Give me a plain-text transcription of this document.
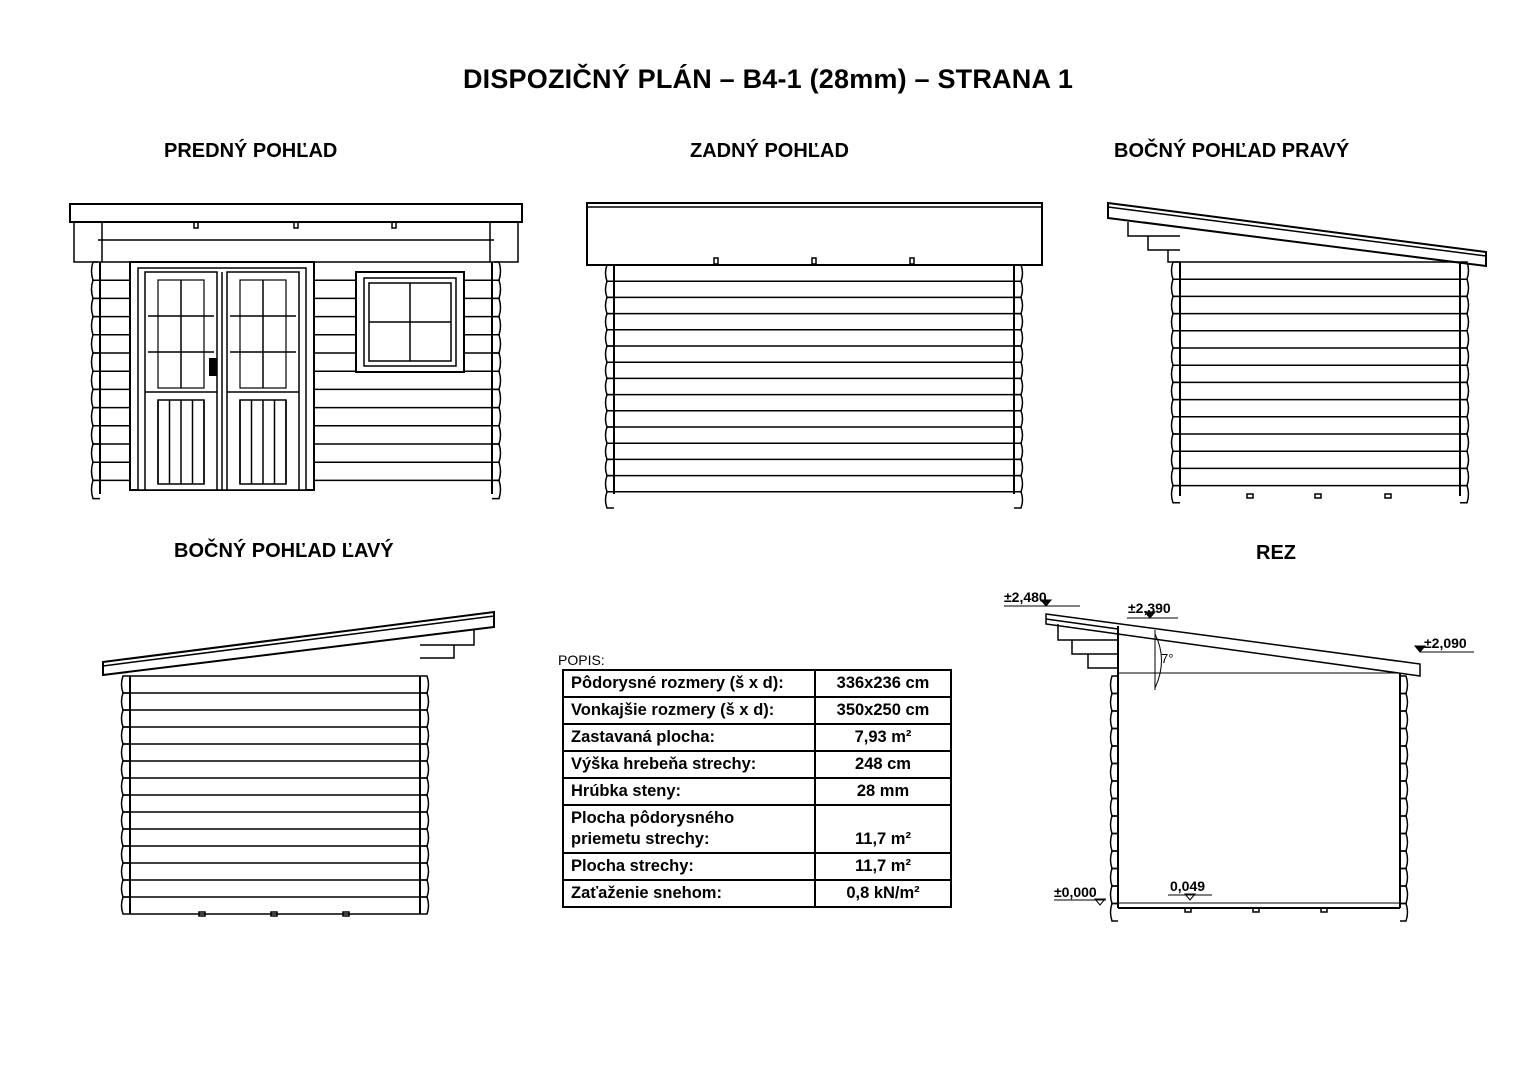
DISPOZIČNÝ PLÁN – B4-1 (28mm) – STRANA 1
PREDNÝ POHĽAD	ZADNÝ POHĽAD	BOČNÝ POHĽAD PRAVÝ
BOČNÝ POHĽAD ĽAVÝ	REZ
±2,480
±2,390
±2,090
±0,000	0,049
7°
POPIS:
Pôdorysné rozmery (š x d):	336x236 cm
Vonkajšie rozmery (š x d):	350x250 cm
Zastavaná plocha:	7,93 m²
Výška hrebeňa strechy:	248 cm
Hrúbka steny:	28 mm
Plocha pôdorysného priemetu strechy:	11,7 m²
Plocha strechy:	11,7 m²
Zaťaženie snehom:	0,8 kN/m²
